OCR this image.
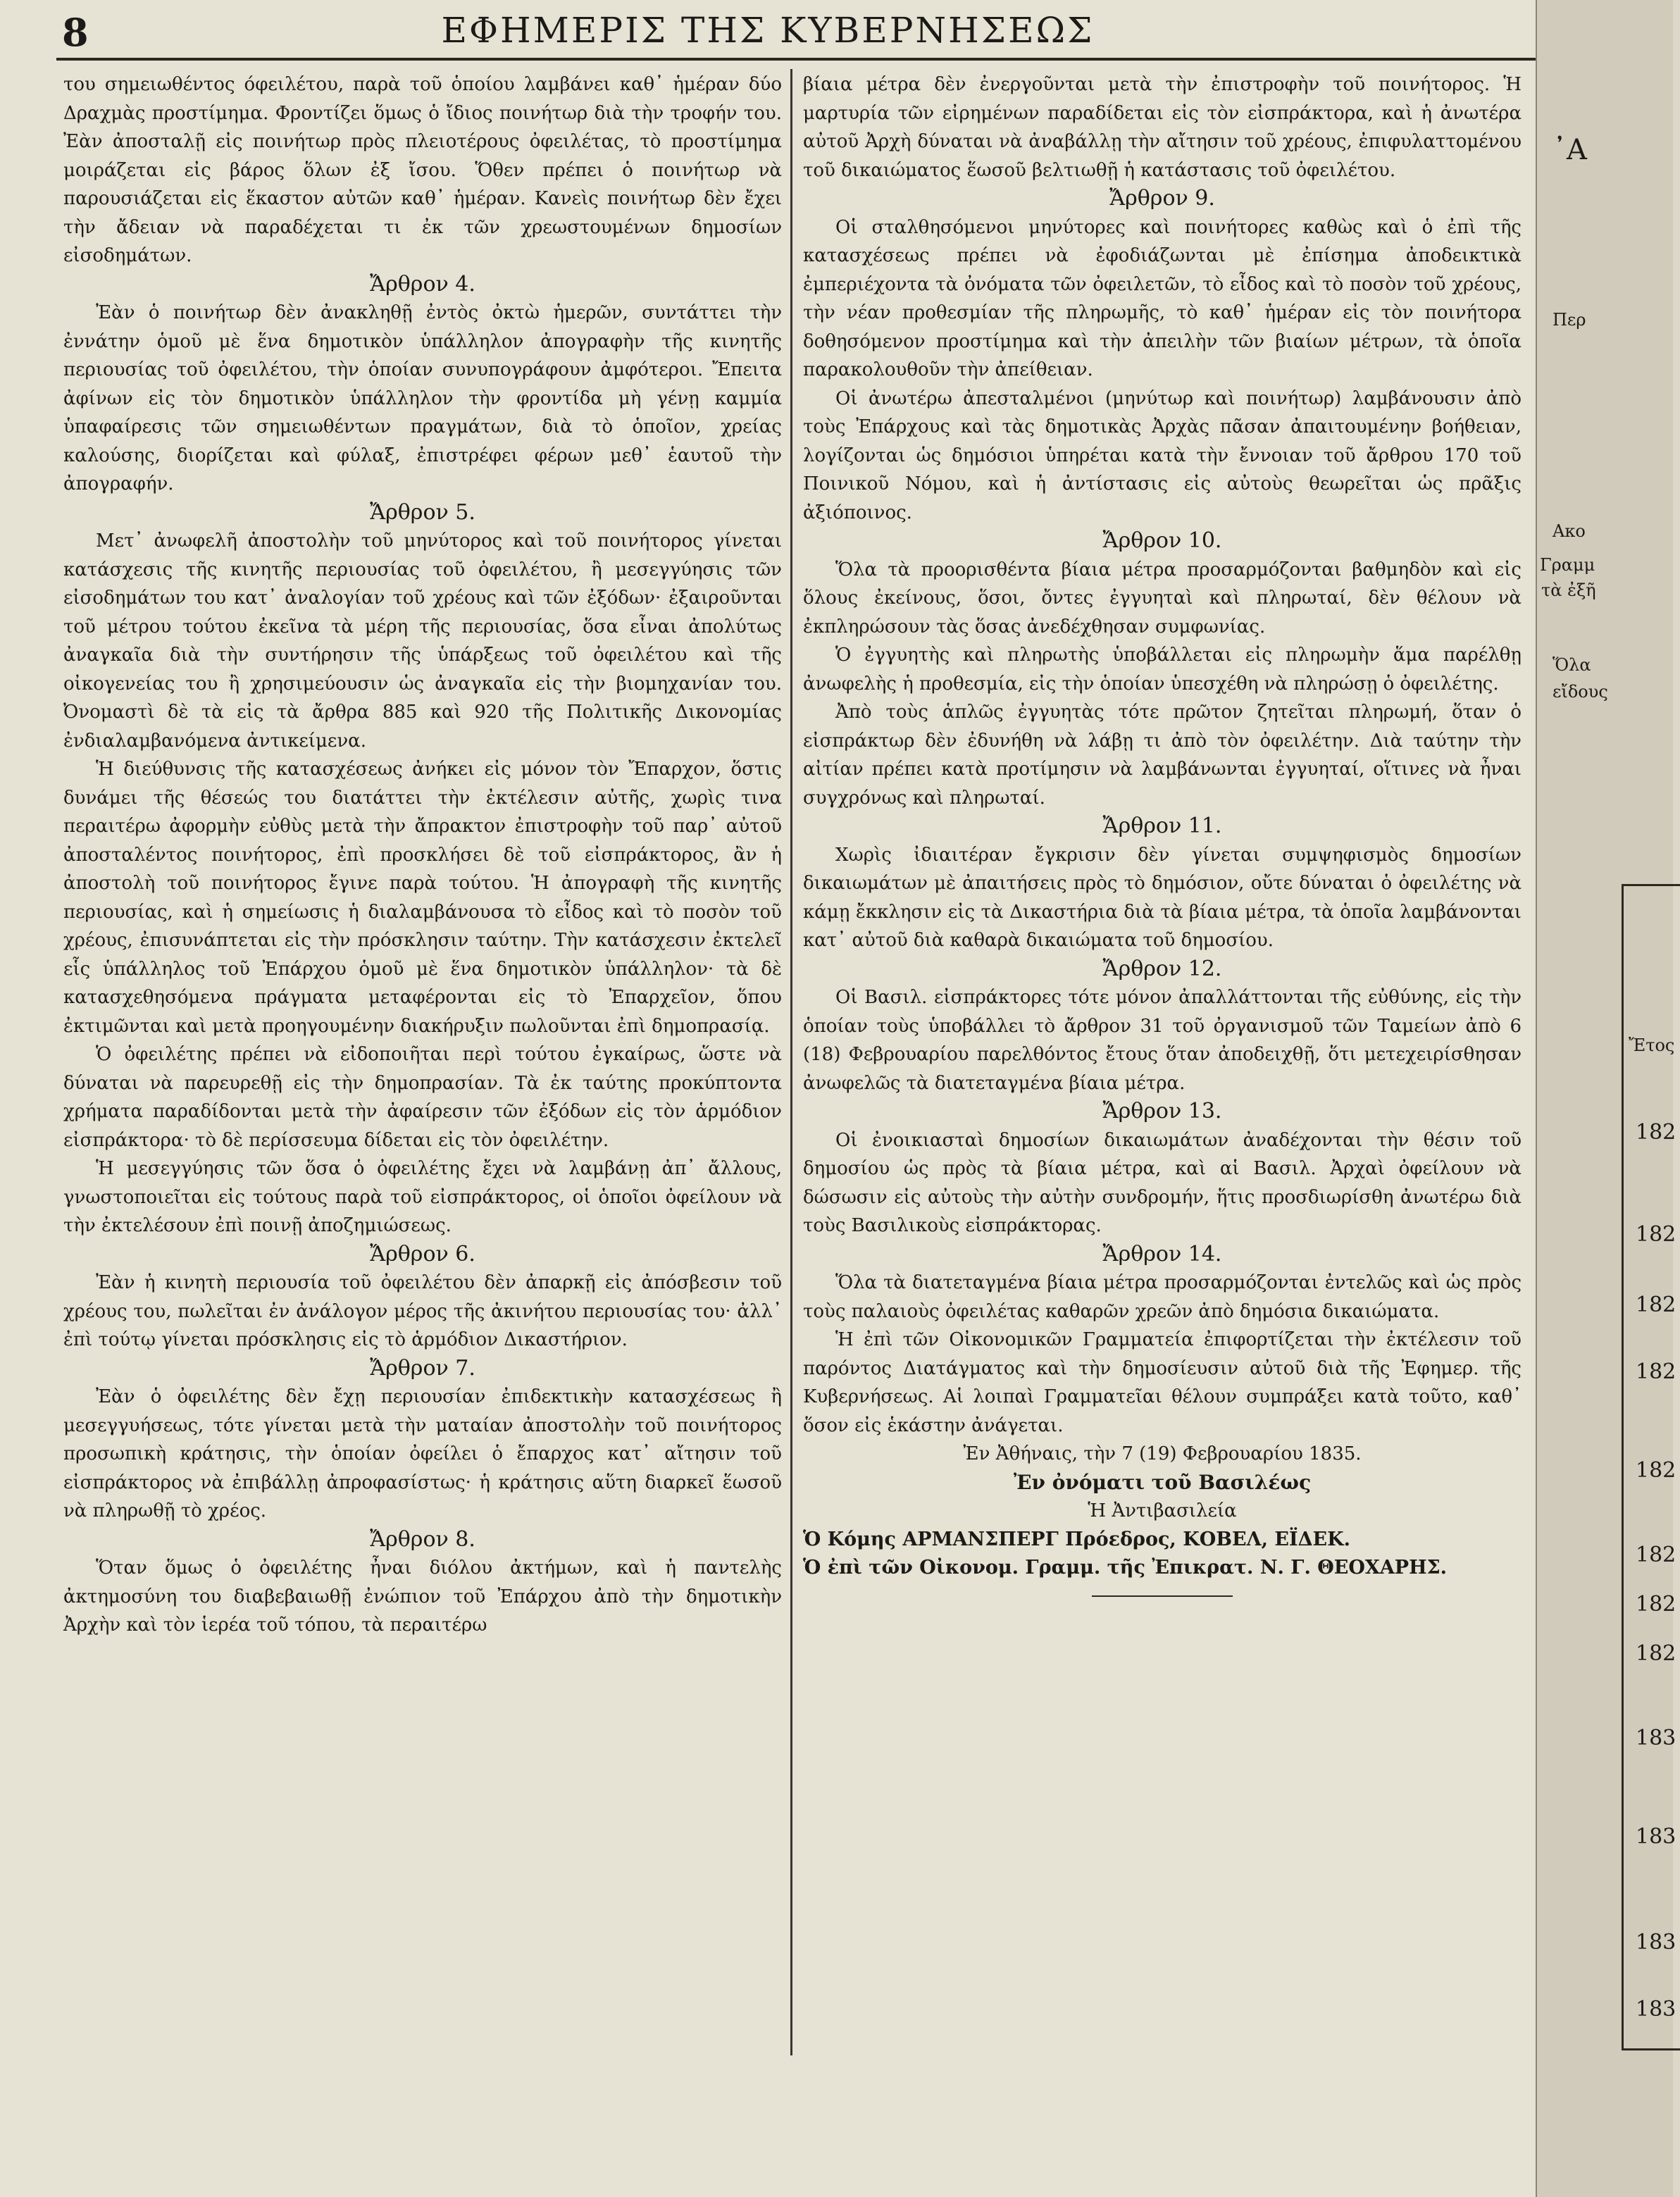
8	ΕΦΗΜΕΡΙΣ ΤΗΣ ΚΥΒΕΡΝΗΣΕΩΣ

του σημειωθέντος όφειλέτου, παρὰ τοῦ ὁποίου λαμβάνει καθ᾽ ἡμέραν δύο Δραχμὰς προστίμημα. Φροντίζει ὅμως ὁ ἴδιος ποινήτωρ διὰ τὴν τροφήν του. Ἐὰν ἀποσταλῇ εἰς ποινήτωρ πρὸς πλειοτέρους ὀφειλέτας, τὸ προστίμημα μοιράζεται εἰς βάρος ὅλων ἐξ ἴσου. Ὅθεν πρέπει ὁ ποινήτωρ νὰ παρουσιάζεται εἰς ἕκαστον αὐτῶν καθ᾽ ἡμέραν. Κανεὶς ποινήτωρ δὲν ἔχει τὴν ἄδειαν νὰ παραδέχεται τι ἐκ τῶν χρεωστουμένων δημοσίων εἰσοδημάτων.

Ἄρθρον 4.

Ἐὰν ὁ ποινήτωρ δὲν ἀνακληθῇ ἐντὸς ὀκτὼ ἡμερῶν, συντάττει τὴν ἐννάτην ὁμοῦ μὲ ἕνα δημοτικὸν ὑπάλληλον ἀπογραφὴν τῆς κινητῆς περιουσίας τοῦ ὀφειλέτου, τὴν ὁποίαν συνυπογράφουν ἀμφότεροι. Ἔπειτα ἀφίνων εἰς τὸν δημοτικὸν ὑπάλληλον τὴν φροντίδα μὴ γένῃ καμμία ὑπαφαίρεσις τῶν σημειωθέντων πραγμάτων, διὰ τὸ ὁποῖον, χρείας καλούσης, διορίζεται καὶ φύλαξ, ἐπιστρέφει φέρων μεθ᾽ ἑαυτοῦ τὴν ἀπογραφήν.

Ἄρθρον 5.

Μετ᾽ ἀνωφελῆ ἀποστολὴν τοῦ μηνύτορος καὶ τοῦ ποινήτορος γίνεται κατάσχεσις τῆς κινητῆς περιουσίας τοῦ ὀφειλέτου, ἢ μεσεγγύησις τῶν εἰσοδημάτων του κατ᾽ ἀναλογίαν τοῦ χρέους καὶ τῶν ἐξόδων· ἐξαιροῦνται τοῦ μέτρου τούτου ἐκεῖνα τὰ μέρη τῆς περιουσίας, ὅσα εἶναι ἀπολύτως ἀναγκαῖα διὰ τὴν συντήρησιν τῆς ὑπάρξεως τοῦ ὀφειλέτου καὶ τῆς οἰκογενείας του ἢ χρησιμεύουσιν ὡς ἀναγκαῖα εἰς τὴν βιομηχανίαν του. Ὀνομαστὶ δὲ τὰ εἰς τὰ ἄρθρα 885 καὶ 920 τῆς Πολιτικῆς Δικονομίας ἐνδιαλαμβανόμενα ἀντικείμενα.

Ἡ διεύθυνσις τῆς κατασχέσεως ἀνήκει εἰς μόνον τὸν Ἔπαρχον, ὅστις δυνάμει τῆς θέσεώς του διατάττει τὴν ἐκτέλεσιν αὐτῆς, χωρὶς τινα περαιτέρω ἀφορμὴν εὐθὺς μετὰ τὴν ἄπρακτον ἐπιστροφὴν τοῦ παρ᾽ αὐτοῦ ἀποσταλέντος ποινήτορος, ἐπὶ προσκλήσει δὲ τοῦ εἰσπράκτορος, ἂν ἡ ἀποστολὴ τοῦ ποινήτορος ἔγινε παρὰ τούτου. Ἡ ἀπογραφὴ τῆς κινητῆς περιουσίας, καὶ ἡ σημείωσις ἡ διαλαμβάνουσα τὸ εἶδος καὶ τὸ ποσὸν τοῦ χρέους, ἐπισυνάπτεται εἰς τὴν πρόσκλησιν ταύτην. Τὴν κατάσχεσιν ἐκτελεῖ εἷς ὑπάλληλος τοῦ Ἐπάρχου ὁμοῦ μὲ ἕνα δημοτικὸν ὑπάλληλον· τὰ δὲ κατασχεθησόμενα πράγματα μεταφέρονται εἰς τὸ Ἐπαρχεῖον, ὅπου ἐκτιμῶνται καὶ μετὰ προηγουμένην διακήρυξιν πωλοῦνται ἐπὶ δημοπρασίᾳ.

Ὁ ὀφειλέτης πρέπει νὰ εἰδοποιῆται περὶ τούτου ἐγκαίρως, ὥστε νὰ δύναται νὰ παρευρεθῇ εἰς τὴν δημοπρασίαν. Τὰ ἐκ ταύτης προκύπτοντα χρήματα παραδίδονται μετὰ τὴν ἀφαίρεσιν τῶν ἐξόδων εἰς τὸν ἁρμόδιον εἰσπράκτορα· τὸ δὲ περίσσευμα δίδεται εἰς τὸν ὀφειλέτην.

Ἡ μεσεγγύησις τῶν ὅσα ὁ ὀφειλέτης ἔχει νὰ λαμβάνῃ ἀπ᾽ ἄλλους, γνωστοποιεῖται εἰς τούτους παρὰ τοῦ εἰσπράκτορος, οἱ ὁποῖοι ὀφείλουν νὰ τὴν ἐκτελέσουν ἐπὶ ποινῇ ἀποζημιώσεως.

Ἄρθρον 6.

Ἐὰν ἡ κινητὴ περιουσία τοῦ ὀφειλέτου δὲν ἀπαρκῇ εἰς ἀπόσβεσιν τοῦ χρέους του, πωλεῖται ἐν ἀνάλογον μέρος τῆς ἀκινήτου περιουσίας του· ἀλλ᾽ ἐπὶ τούτῳ γίνεται πρόσκλησις εἰς τὸ ἁρμόδιον Δικαστήριον.

Ἄρθρον 7.

Ἐὰν ὁ ὀφειλέτης δὲν ἔχῃ περιουσίαν ἐπιδεκτικὴν κατασχέσεως ἢ μεσεγγυήσεως, τότε γίνεται μετὰ τὴν ματαίαν ἀποστολὴν τοῦ ποινήτορος προσωπικὴ κράτησις, τὴν ὁποίαν ὀφείλει ὁ ἔπαρχος κατ᾽ αἴτησιν τοῦ εἰσπράκτορος νὰ ἐπιβάλλῃ ἀπροφασίστως· ἡ κράτησις αὕτη διαρκεῖ ἕωσοῦ νὰ πληρωθῇ τὸ χρέος.

Ἄρθρον 8.

Ὅταν ὅμως ὁ ὀφειλέτης ἦναι διόλου ἀκτήμων, καὶ ἡ παντελὴς ἀκτημοσύνη του διαβεβαιωθῇ ἐνώπιον τοῦ Ἐπάρχου ἀπὸ τὴν δημοτικὴν Ἀρχὴν καὶ τὸν ἱερέα τοῦ τόπου, τὰ περαιτέρω

βίαια μέτρα δὲν ἐνεργοῦνται μετὰ τὴν ἐπιστροφὴν τοῦ ποινήτορος. Ἡ μαρτυρία τῶν εἰρημένων παραδίδεται εἰς τὸν εἰσπράκτορα, καὶ ἡ ἀνωτέρα αὐτοῦ Ἀρχὴ δύναται νὰ ἀναβάλλῃ τὴν αἴτησιν τοῦ χρέους, ἐπιφυλαττομένου τοῦ δικαιώματος ἕωσοῦ βελτιωθῇ ἡ κατάστασις τοῦ ὀφειλέτου.

Ἄρθρον 9.

Οἱ σταλθησόμενοι μηνύτορες καὶ ποινήτορες καθὼς καὶ ὁ ἐπὶ τῆς κατασχέσεως πρέπει νὰ ἐφοδιάζωνται μὲ ἐπίσημα ἀποδεικτικὰ ἐμπεριέχοντα τὰ ὀνόματα τῶν ὀφειλετῶν, τὸ εἶδος καὶ τὸ ποσὸν τοῦ χρέους, τὴν νέαν προθεσμίαν τῆς πληρωμῆς, τὸ καθ᾽ ἡμέραν εἰς τὸν ποινήτορα δοθησόμενον προστίμημα καὶ τὴν ἀπειλὴν τῶν βιαίων μέτρων, τὰ ὁποῖα παρακολουθοῦν τὴν ἀπείθειαν.

Οἱ ἀνωτέρω ἀπεσταλμένοι (μηνύτωρ καὶ ποινήτωρ) λαμβάνουσιν ἀπὸ τοὺς Ἐπάρχους καὶ τὰς δημοτικὰς Ἀρχὰς πᾶσαν ἀπαιτουμένην βοήθειαν, λογίζονται ὡς δημόσιοι ὑπηρέται κατὰ τὴν ἔννοιαν τοῦ ἄρθρου 170 τοῦ Ποινικοῦ Νόμου, καὶ ἡ ἀντίστασις εἰς αὐτοὺς θεωρεῖται ὡς πρᾶξις ἀξιόποινος.

Ἄρθρον 10.

Ὅλα τὰ προορισθέντα βίαια μέτρα προσαρμόζονται βαθμηδὸν καὶ εἰς ὅλους ἐκείνους, ὅσοι, ὄντες ἐγγυηταὶ καὶ πληρωταί, δὲν θέλουν νὰ ἐκπληρώσουν τὰς ὅσας ἀνεδέχθησαν συμφωνίας.

Ὁ ἐγγυητὴς καὶ πληρωτὴς ὑποβάλλεται εἰς πληρωμὴν ἅμα παρέλθῃ ἀνωφελὴς ἡ προθεσμία, εἰς τὴν ὁποίαν ὑπεσχέθη νὰ πληρώσῃ ὁ ὀφειλέτης.

Ἀπὸ τοὺς ἁπλῶς ἐγγυητὰς τότε πρῶτον ζητεῖται πληρωμή, ὅταν ὁ εἰσπράκτωρ δὲν ἐδυνήθη νὰ λάβῃ τι ἀπὸ τὸν ὀφειλέτην. Διὰ ταύτην τὴν αἰτίαν πρέπει κατὰ προτίμησιν νὰ λαμβάνωνται ἐγγυηταί, οἵτινες νὰ ἦναι συγχρόνως καὶ πληρωταί.

Ἄρθρον 11.

Χωρὶς ἰδιαιτέραν ἔγκρισιν δὲν γίνεται συμψηφισμὸς δημοσίων δικαιωμάτων μὲ ἀπαιτήσεις πρὸς τὸ δημόσιον, οὔτε δύναται ὁ ὀφειλέτης νὰ κάμῃ ἔκκλησιν εἰς τὰ Δικαστήρια διὰ τὰ βίαια μέτρα, τὰ ὁποῖα λαμβάνονται κατ᾽ αὐτοῦ διὰ καθαρὰ δικαιώματα τοῦ δημοσίου.

Ἄρθρον 12.

Οἱ Βασιλ. εἰσπράκτορες τότε μόνον ἀπαλλάττονται τῆς εὐθύνης, εἰς τὴν ὁποίαν τοὺς ὑποβάλλει τὸ ἄρθρον 31 τοῦ ὀργανισμοῦ τῶν Ταμείων ἀπὸ 6 (18) Φεβρουαρίου παρελθόντος ἔτους ὅταν ἀποδειχθῇ, ὅτι μετεχειρίσθησαν ἀνωφελῶς τὰ διατεταγμένα βίαια μέτρα.

Ἄρθρον 13.

Οἱ ἐνοικιασταὶ δημοσίων δικαιωμάτων ἀναδέχονται τὴν θέσιν τοῦ δημοσίου ὡς πρὸς τὰ βίαια μέτρα, καὶ αἱ Βασιλ. Ἀρχαὶ ὀφείλουν νὰ δώσωσιν εἰς αὐτοὺς τὴν αὐτὴν συνδρομήν, ἥτις προσδιωρίσθη ἀνωτέρω διὰ τοὺς Βασιλικοὺς εἰσπράκτορας.

Ἄρθρον 14.

Ὅλα τὰ διατεταγμένα βίαια μέτρα προσαρμόζονται ἐντελῶς καὶ ὡς πρὸς τοὺς παλαιοὺς ὀφειλέτας καθαρῶν χρεῶν ἀπὸ δημόσια δικαιώματα.

Ἡ ἐπὶ τῶν Οἰκονομικῶν Γραμματεία ἐπιφορτίζεται τὴν ἐκτέλεσιν τοῦ παρόντος Διατάγματος καὶ τὴν δημοσίευσιν αὐτοῦ διὰ τῆς Ἐφημερ. τῆς Κυβερνήσεως. Αἱ λοιπαὶ Γραμματεῖαι θέλουν συμπράξει κατὰ τοῦτο, καθ᾽ ὅσον εἰς ἑκάστην ἀνάγεται.

Ἐν Ἀθήναις, τὴν 7 (19) Φεβρουαρίου 1835.

Ἐν ὀνόματι τοῦ Βασιλέως

Ἡ Ἀντιβασιλεία

Ὁ Κόμης ΑΡΜΑΝΣΠΕΡΓ Πρόεδρος, ΚΟΒΕΛ, ΕΪΔΕΚ.

Ὁ ἐπὶ τῶν Οἰκονομ. Γραμμ. τῆς Ἐπικρατ. Ν. Γ. ΘΕΟΧΑΡΗΣ.

᾽Α
Περ
Ακο
Γραμμ
τὰ ἐξῆ
Ὅλα
εἴδους
Ἔτος
182
182
182
182
182
182
182
182
183
183
183
183
